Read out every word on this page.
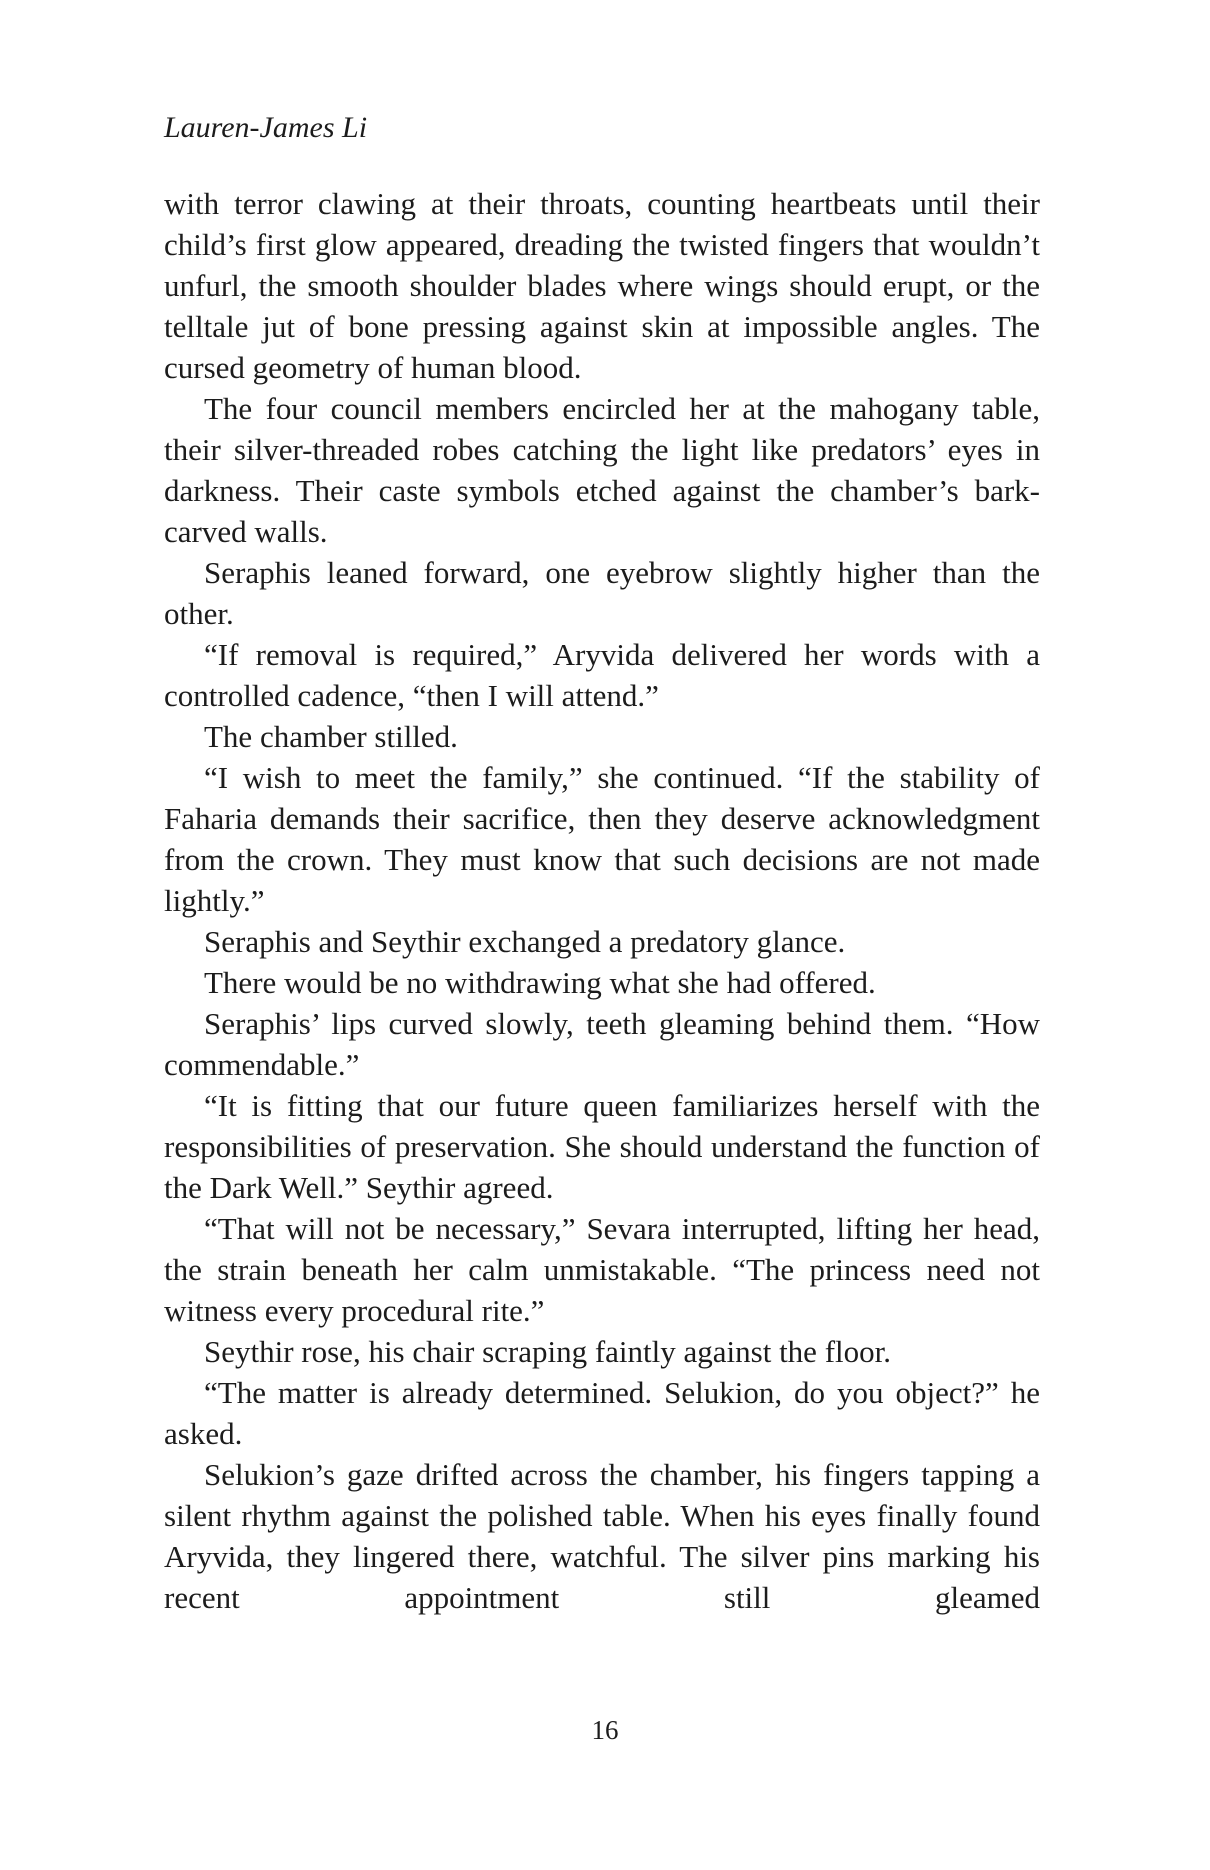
Lauren-James Li

with terror clawing at their throats, counting heartbeats until their child’s first glow appeared, dreading the twisted fingers that wouldn’t unfurl, the smooth shoulder blades where wings should erupt, or the telltale jut of bone pressing against skin at impossible angles. The cursed geometry of human blood.

The four council members encircled her at the mahogany table, their silver-threaded robes catching the light like predators’ eyes in darkness. Their caste symbols etched against the chamber’s bark-carved walls.

Seraphis leaned forward, one eyebrow slightly higher than the other.

“If removal is required,” Aryvida delivered her words with a controlled cadence, “then I will attend.”

The chamber stilled.

“I wish to meet the family,” she continued. “If the stability of Faharia demands their sacrifice, then they deserve acknowledgment from the crown. They must know that such decisions are not made lightly.”

Seraphis and Seythir exchanged a predatory glance.

There would be no withdrawing what she had offered.

Seraphis’ lips curved slowly, teeth gleaming behind them. “How commendable.”

“It is fitting that our future queen familiarizes herself with the responsibilities of preservation. She should understand the function of the Dark Well.” Seythir agreed.

“That will not be necessary,” Sevara interrupted, lifting her head, the strain beneath her calm unmistakable. “The princess need not witness every procedural rite.”

Seythir rose, his chair scraping faintly against the floor.

“The matter is already determined. Selukion, do you object?” he asked.

Selukion’s gaze drifted across the chamber, his fingers tapping a silent rhythm against the polished table. When his eyes finally found Aryvida, they lingered there, watchful. The silver pins marking his recent appointment still gleamed

16
